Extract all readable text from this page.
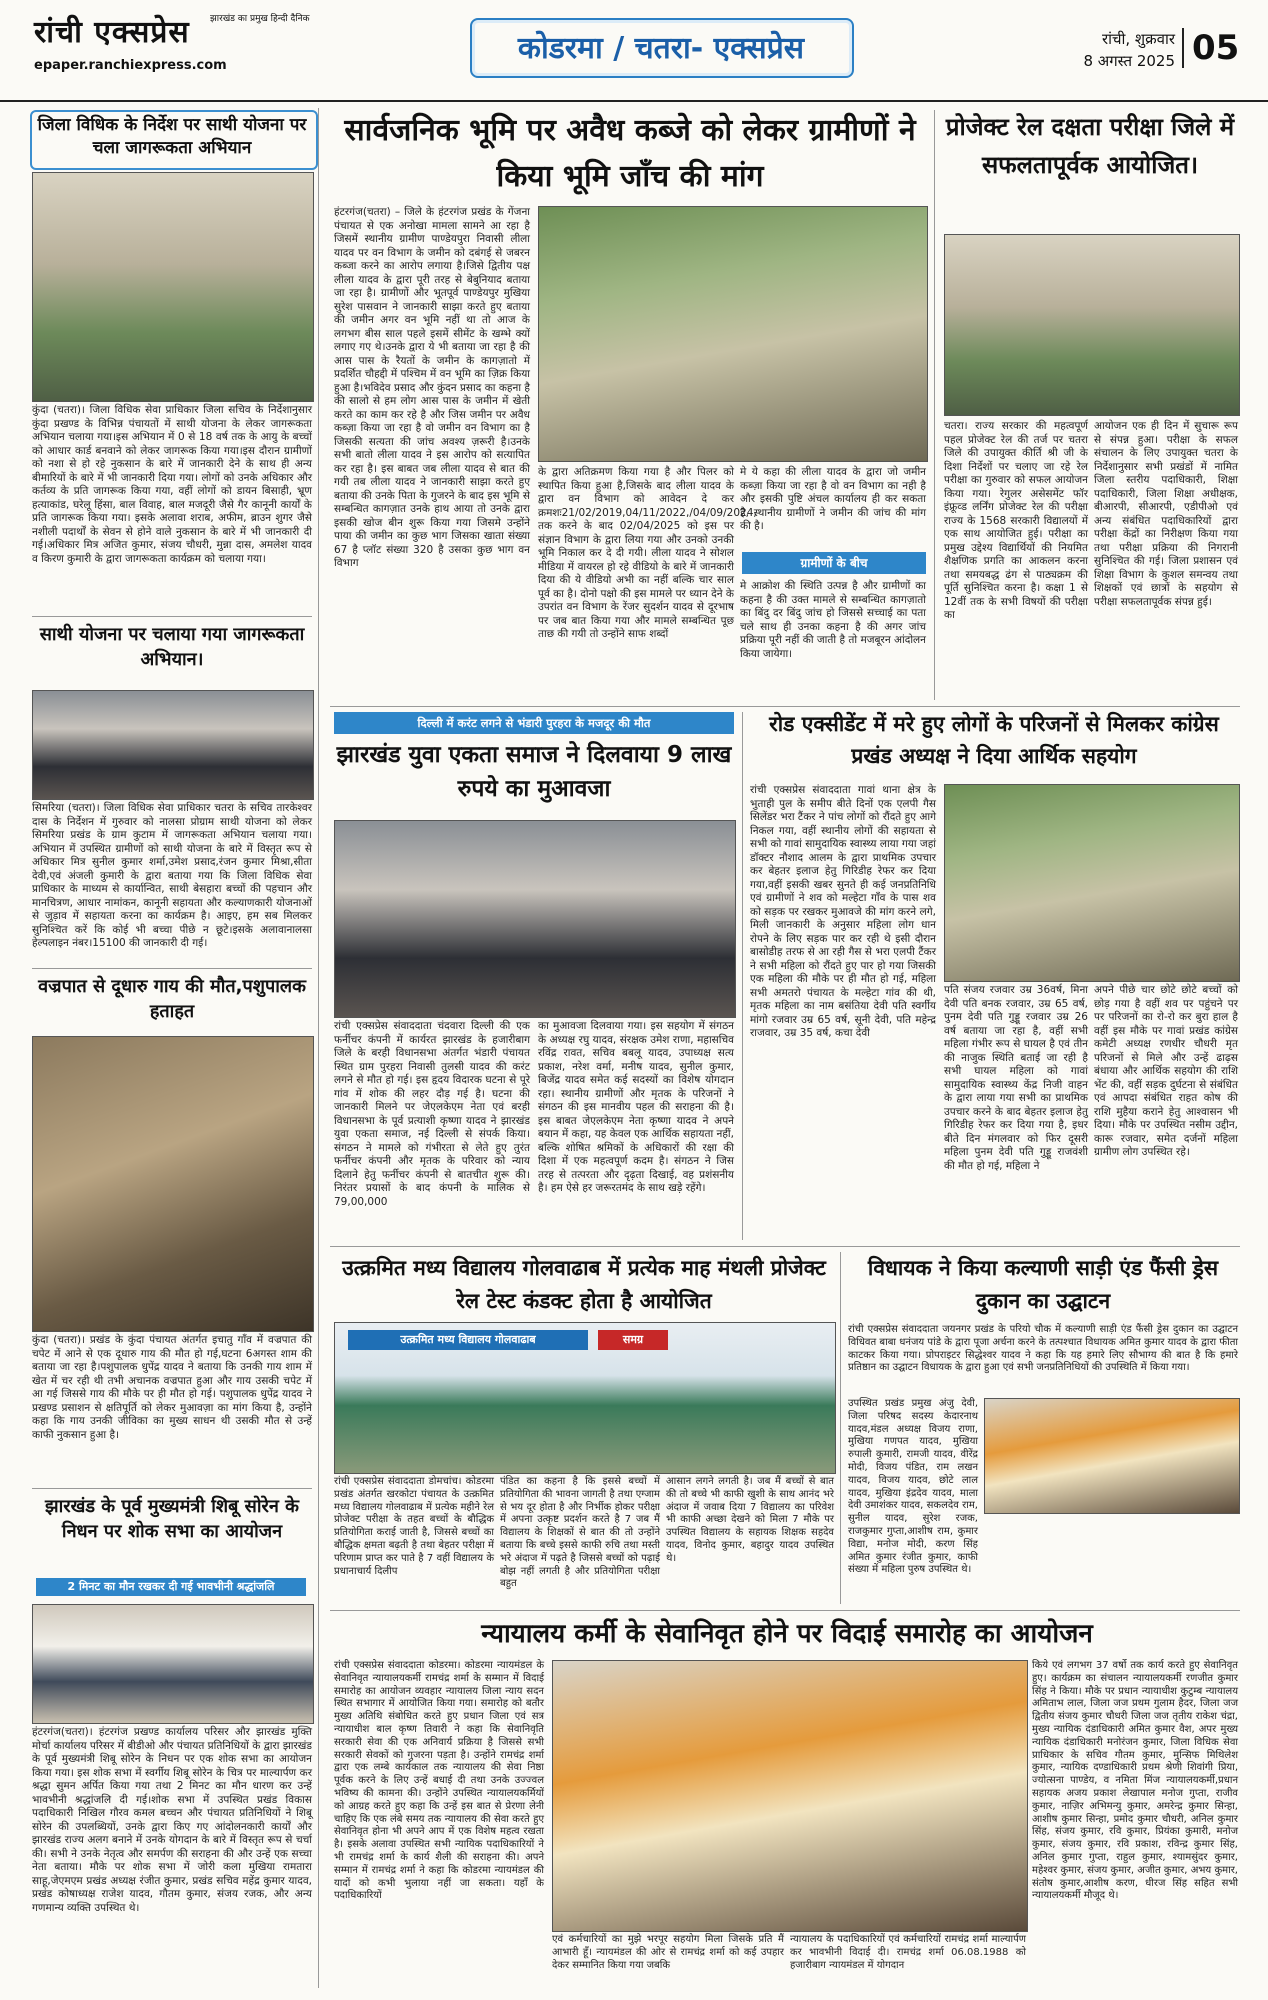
रांची एक्सप्रेस झारखंड का प्रमुख हिन्दी दैनिक
epaper.ranchiexpress.com	कोडरमा / चतरा- एक्सप्रेस	रांची, शुक्रवार
8 अगस्त 2025 05
जिला विधिक के निर्देश पर साथी योजना पर चला जागरूकता अभियान
कुंदा (चतरा)। जिला विधिक सेवा प्राधिकार जिला सचिव के निर्देशानुसार कुंदा प्रखण्ड के विभिन्न पंचायतों में साथी योजना के लेकर जागरूकता अभियान चलाया गया।इस अभियान में 0 से 18 वर्ष तक के आयु के बच्चों को आधार कार्ड बनवाने को लेकर जागरूक किया गया।इस दौरान ग्रामीणों को नशा से हो रहे नुकसान के बारे में जानकारी देने के साथ ही अन्य बीमारियों के बारे में भी जानकारी दिया गया। लोगों को उनके अधिकार और कर्तव्य के प्रति जागरूक किया गया, वहीं लोगों को डायन बिसाही, भ्रूण हत्याकांड, घरेलू हिंसा, बाल विवाह, बाल मजदूरी जैसे गैर कानूनी कार्यों के प्रति जागरूक किया गया। इसके अलावा शराब, अफीम, ब्राउन शुगर जैसे नशीली पदार्थों के सेवन से होने वाले नुकसान के बारे में भी जानकारी दी गई।अधिकार मित्र अजित कुमार, संजय चौधरी, मुन्ना दास, अमलेश यादव व किरण कुमारी के द्वारा जागरूकता कार्यक्रम को चलाया गया।
साथी योजना पर चलाया गया जागरूकता अभियान।
सिमरिया (चतरा)। जिला विधिक सेवा प्राधिकार चतरा के सचिव तारकेश्वर दास के निर्देशन में गुरुवार को नालसा प्रोग्राम साथी योजना को लेकर सिमरिया प्रखंड के ग्राम कुटाम में जागरूकता अभियान चलाया गया। अभियान में उपस्थित ग्रामीणों को साथी योजना के बारे में विस्तृत रूप से अधिकार मित्र सुनील कुमार शर्मा,उमेश प्रसाद,रंजन कुमार मिश्रा,सीता देवी,एवं अंजली कुमारी के द्वारा बताया गया कि जिला विधिक सेवा प्राधिकार के माध्यम से कार्यान्वित, साथी बेसहारा बच्चों की पहचान और मानचित्रण, आधार नामांकन, कानूनी सहायता और कल्याणकारी योजनाओं से जुड़ाव में सहायता करना का कार्यक्रम है। आइए, हम सब मिलकर सुनिश्चित करें कि कोई भी बच्चा पीछे न छूटे।इसके अलावानालसा हेल्पलाइन नंबर।15100 की जानकारी दी गई।
वज्रपात से दूधारु गाय की मौत,पशुपालक हताहत
कुंदा (चतरा)। प्रखंड के कुंदा पंचायत अंतर्गत इचातु गाँव में वज्रपात की चपेट में आने से एक दूधारु गाय की मौत हो गई,घटना 6अगस्त शाम की बताया जा रहा है।पशुपालक धुपेंद्र यादव ने बताया कि उनकी गाय शाम में खेत में चर रही थी तभी अचानक वज्रपात हुआ और गाय उसकी चपेट में आ गई जिससे गाय की मौके पर ही मौत हो गई। पशुपालक धुपेंद्र यादव ने प्रखण्ड प्रसाशन से क्षतिपूर्ति को लेकर मुआवज़ा का मांग किया है, उन्होंने कहा कि गाय उनकी जीविका का मुख्य साधन थी उसकी मौत से उन्हें काफी नुकसान हुआ है।
झारखंड के पूर्व मुख्यमंत्री शिबू सोरेन के निधन पर शोक सभा का आयोजन
2 मिनट का मौन रखकर दी गई भावभीनी श्रद्धांजलि
हंटरगंज(चतरा)। हंटरगंज प्रखण्ड कार्यालय परिसर और झारखंड मुक्ति मोर्चा कार्यालय परिसर में बीडीओ और पंचायत प्रतिनिधियों के द्वारा झारखंड के पूर्व मुख्यमंत्री शिबू सोरेन के निधन पर एक शोक सभा का आयोजन किया गया। इस शोक सभा में स्वर्गीय शिबू सोरेन के चित्र पर माल्यार्पण कर श्रद्धा सुमन अर्पित किया गया तथा 2 मिनट का मौन धारण कर उन्हें भावभीनी श्रद्धांजलि दी गई।शोक सभा में उपस्थित प्रखंड विकास पदाधिकारी निखिल गौरव कमल बच्चन और पंचायत प्रतिनिधियों ने शिबू सोरेन की उपलब्धियों, उनके द्वारा किए गए आंदोलनकारी कार्यों और झारखंड राज्य अलग बनाने में उनके योगदान के बारे में विस्तृत रूप से चर्चा की। सभी ने उनके नेतृत्व और समर्पण की सराहना की और उन्हें एक सच्चा नेता बताया। मौके पर शोक सभा में जोरी कला मुखिया रामतारा साहू,जेएमएम प्रखंड अध्यक्ष रंजीत कुमार, प्रखंड सचिव महेंद्र कुमार यादव, प्रखंड कोषाध्यक्ष राजेश यादव, गौतम कुमार, संजय रजक, और अन्य गणमान्य व्यक्ति उपस्थित थे।
सार्वजनिक भूमि पर अवैध कब्जे को लेकर ग्रामीणों ने किया भूमि जाँच की मांग
हंटरगंज(चतरा) – जिले के हंटरगंज प्रखंड के गेंजना पंचायत से एक अनोखा मामला सामने आ रहा है जिसमें स्थानीय ग्रामीण पाण्डेयपुरा निवासी लीला यादव पर वन विभाग के जमीन को दबंगई से जबरन कब्जा करने का आरोप लगाया है।जिसे द्वितीय पक्ष लीला यादव के द्वारा पूरी तरह से बेबुनियाद बताया जा रहा है। ग्रामीणों और भूतपूर्व पाण्डेयपुर मुखिया सुरेश पासवान ने जानकारी साझा करते हुए बताया की जमीन अगर वन भूमि नहीं था तो आज के लगभग बीस साल पहले इसमें सीमेंट के खम्भे क्यों लगाए गए थे।उनके द्वारा ये भी बताया जा रहा है की आस पास के रैयतों के जमीन के कागज़ातो में प्रदर्शित चौहद्दी में पश्चिम में वन भूमि का ज़िक्र किया हुआ है।भविदेव प्रसाद और कुंदन प्रसाद का कहना है की सालो से हम लोग आस पास के जमीन में खेती करते का काम कर रहे है और जिस जमीन पर अवैध कब्ज़ा किया जा रहा है वो जमीन वन विभाग का है जिसकी सत्यता की जांच अवश्य ज़रूरी है।उनके सभी बातो लीला यादव ने इस आरोप को सत्यापित कर रहा है। इस बाबत जब लीला यादव से बात की गयी तब लीला यादव ने जानकारी साझा करते हुए बताया की उनके पिता के गुजरने के बाद इस भूमि से सम्बन्धित कागज़ात उनके हाथ आया तो उनके द्वारा इसकी खोज बीन शुरू किया गया जिसमे उन्होंने पाया की जमीन का कुछ भाग जिसका खाता संख्या 67 है प्लॉट संख्या 320 है उसका कुछ भाग वन विभाग
के द्वारा अतिक्रमण किया गया है और पिलर को स्थापित किया हुआ है,जिसके बाद लीला यादव के द्वारा वन विभाग को आवेदन दे कर क्रमशः21/02/2019,04/11/2022,/04/09/2024, तक करने के बाद 02/04/2025 को इस पर संज्ञान विभाग के द्वारा लिया गया और उनको उनकी भूमि निकाल कर दे दी गयी। लीला यादव ने सोशल मीडिया में वायरल हो रहे वीडियो के बारे में जानकारी दिया की ये वीडियो अभी का नहीं बल्कि चार साल पूर्व का है। दोनो पक्षो की इस मामले पर ध्यान देने के उपरांत वन विभाग के रेंजर सुदर्शन यादव से दूरभाष पर जब बात किया गया और मामले सम्बन्धित पूछ ताछ की गयी तो उन्होंने साफ शब्दों
मे ये कहा की लीला यादव के द्वारा जो जमीन कब्ज़ा किया जा रहा है वो वन विभाग का नही है और इसकी पुष्टि अंचल कार्यालय ही कर सकता है, स्थानीय ग्रामीणों ने जमीन की जांच की मांग की है।
ग्रामीणों के बीच
मे आक्रोश की स्थिति उत्पन्न है और ग्रामीणों का कहना है की उक्त मामले से सम्बन्धित कागज़ातो का बिंदु दर बिंदु जांच हो जिससे सच्चाई का पता चले साथ ही उनका कहना है की अगर जांच प्रक्रिया पूरी नहीं की जाती है तो मजबूरन आंदोलन किया जायेगा।
प्रोजेक्ट रेल दक्षता परीक्षा जिले में सफलतापूर्वक आयोजित।
चतरा। राज्य सरकार की महत्वपूर्ण पहल प्रोजेक्ट रेल की तर्ज पर चतरा जिले की उपायुक्त कीर्ति श्री जी के दिशा निर्देशों पर चलाए जा रहे रेल परीक्षा का गुरुवार को सफल आयोजन किया गया। रेगुलर असेसमेंट फॉर इंफ्रूव्ड लर्निंग प्रोजेक्ट रेल की परीक्षा राज्य के 1568 सरकारी विद्यालयों में एक साथ आयोजित हुई। परीक्षा का प्रमुख उद्देश्य विद्यार्थियों की नियमित शैक्षणिक प्रगति का आकलन करना तथा समयबद्ध ढंग से पाठ्यक्रम की पूर्ति सुनिश्चित करना है। कक्षा 1 से 12वीं तक के सभी विषयों की परीक्षा का
आयोजन एक ही दिन में सुचारू रूप से संपन्न हुआ। परीक्षा के सफल संचालन के लिए उपायुक्त चतरा के निर्देशानुसार सभी प्रखंडों में नामित जिला स्तरीय पदाधिकारी, शिक्षा पदाधिकारी, जिला शिक्षा अधीक्षक, बीआरपी, सीआरपी, एडीपीओ एवं अन्य संबंधित पदाधिकारियों द्वारा परीक्षा केंद्रों का निरीक्षण किया गया तथा परीक्षा प्रक्रिया की निगरानी सुनिश्चित की गई। जिला प्रशासन एवं शिक्षा विभाग के कुशल समन्वय तथा शिक्षकों एवं छात्रों के सहयोग से परीक्षा सफलतापूर्वक संपन्न हुई।
दिल्ली में करंट लगने से भंडारी पुरहरा के मजदूर की मौत
झारखंड युवा एकता समाज ने दिलवाया 9 लाख रुपये का मुआवजा
रांची एक्सप्रेस संवाददाता चंदवारा दिल्ली की एक फर्नीचर कंपनी में कार्यरत झारखंड के हजारीबाग जिले के बरही विधानसभा अंतर्गत भंडारी पंचायत स्थित ग्राम पुरहरा निवासी तुलसी यादव की करंट लगने से मौत हो गई। इस हृदय विदारक घटना से पूरे गांव में शोक की लहर दौड़ गई है। घटना की जानकारी मिलने पर जेएलकेएम नेता एवं बरही विधानसभा के पूर्व प्रत्याशी कृष्णा यादव ने झारखंड युवा एकता समाज, नई दिल्ली से संपर्क किया। संगठन ने मामले को गंभीरता से लेते हुए तुरंत फर्नीचर कंपनी और मृतक के परिवार को न्याय दिलाने हेतु फर्नीचर कंपनी से बातचीत शुरू की। निरंतर प्रयासों के बाद कंपनी के मालिक से 79,00,000
का मुआवजा दिलवाया गया। इस सहयोग में संगठन के अध्यक्ष रघु यादव, संरक्षक उमेश राणा, महासचिव रविंद्र रावत, सचिव बबलू यादव, उपाध्यक्ष सत्य प्रकाश, नरेश वर्मा, मनीष यादव, सुनील कुमार, बिजेंद्र यादव समेत कई सदस्यों का विशेष योगदान रहा। स्थानीय ग्रामीणों और मृतक के परिजनों ने संगठन की इस मानवीय पहल की सराहना की है। इस बाबत जेएलकेएम नेता कृष्णा यादव ने अपने बयान में कहा, यह केवल एक आर्थिक सहायता नहीं, बल्कि शोषित श्रमिकों के अधिकारों की रक्षा की दिशा में एक महत्वपूर्ण कदम है। संगठन ने जिस तरह से तत्परता और दृढ़ता दिखाई, वह प्रशंसनीय है। हम ऐसे हर जरूरतमंद के साथ खड़े रहेंगे।
रोड एक्सीडेंट में मरे हुए लोगों के परिजनों से मिलकर कांग्रेस प्रखंड अध्यक्ष ने दिया आर्थिक सहयोग
रांची एक्सप्रेस संवाददाता गावां थाना क्षेत्र के भुताही पुल के समीप बीते दिनों एक एलपी गैस सिलेंडर भरा टैंकर ने पांच लोगों को रौंदते हुए आगे निकल गया, वहीं स्थानीय लोगों की सहायता से सभी को गावां सामुदायिक स्वास्थ्य लाया गया जहां डॉक्टर नौशाद आलम के द्वारा प्राथमिक उपचार कर बेहतर इलाज हेतु गिरिडीह रेफर कर दिया गया,वहीं इसकी खबर सुनते ही कई जनप्रतिनिधि एवं ग्रामीणों ने शव को मल्हेटा गाँव के पास शव को सड़क पर रखकर मुआवजे की मांग करने लगे, मिली जानकारी के अनुसार महिला लोग धान रोपने के लिए सड़क पार कर रही थे इसी दौरान बासोडीह तरफ से आ रही गैस से भरा एलपी टैंकर ने सभी महिला को रौंदते हुए पार हो गया जिसकी एक महिला की मौके पर ही मौत हो गई, महिला सभी अमतरो पंचायत के मल्हेटा गांव की थी, मृतक महिला का नाम बसंतिया देवी पति स्वर्गीय मांगो रजवार उम्र 65 वर्ष, सूनी देवी, पति महेन्द्र राजवार, उम्र 35 वर्ष, कचा देवी
पति संजय रजवार उम्र 36वर्ष, मिना देवी पति बनक रजवार, उम्र 65 वर्ष, पुनम देवी पति गुड्डू रजवार उम्र 26 वर्ष बताया जा रहा है, वहीं सभी महिला गंभीर रूप से घायल है एवं तीन की नाजुक स्थिति बताई जा रही है सभी घायल महिला को गावां सामुदायिक स्वास्थ्य केंद्र निजी वाहन के द्वारा लाया गया सभी का प्राथमिक उपचार करने के बाद बेहतर इलाज हेतु गिरिडीह रेफर कर दिया गया है, इधर बीते दिन मंगलवार को फिर दूसरी महिला पुनम देवी पति गुड्डू राजवंशी की मौत हो गई, महिला ने
अपने पीछे चार छोटे छोटे बच्चों को छोड़ गया है वहीं शव पर पहुंचने पर पर परिजनों का रो-रो कर बुरा हाल है वहीं इस मौके पर गावां प्रखंड कांग्रेस कमेटी अध्यक्ष रणधीर चौधरी मृत परिजनों से मिले और उन्हें ढाढ़स बंधाया और आर्थिक सहयोग की राशि भेंट की, वहीं सड़क दुर्घटना से संबंधित एवं आपदा संबंधित राहत कोष की राशि मुहैया कराने हेतु आश्वासन भी दिया। मौके पर उपस्थित नसीम उद्दीन, कारू रजवार, समेत दर्जनों महिला ग्रामीण लोग उपस्थित रहे।
उत्क्रमित मध्य विद्यालय गोलवाढाब में प्रत्येक माह मंथली प्रोजेक्ट रेल टेस्ट कंडक्ट होता है आयोजित
उत्क्रमित मध्य विद्यालय गोलवाढाब	समग्र
रांची एक्सप्रेस संवाददाता डोमचांच। कोडरमा प्रखंड अंतर्गत खरकोटा पंचायत के उत्क्रमित मध्य विद्यालय गोलवाढाब में प्रत्येक महीने रेल प्रोजेक्ट परीक्षा के तहत बच्चों के बौद्धिक प्रतियोगिता कराई जाती है, जिससे बच्चों का बौद्धिक क्षमता बढ़ती है तथा बेहतर परीक्षा में परिणाम प्राप्त कर पाते है 7 वहीं विद्यालय के प्रधानाचार्य दिलीप
पंडित का कहना है कि इससे बच्चों में प्रतियोगिता की भावना जागती है तथा एग्जाम से भय दूर होता है और निर्भीक होकर परीक्षा में अपना उत्कृष्ट प्रदर्शन करते है 7 जब मैं विद्यालय के शिक्षकों से बात की तो उन्होंने बताया कि बच्चे इससे काफी रुचि तथा मस्ती भरे अंदाज में पढ़ते है जिससे बच्चों को पढ़ाई बोझ नहीं लगती है और प्रतियोगिता परीक्षा बहुत
आसान लगने लगती है। जब मैं बच्चों से बात की तो बच्चे भी काफी खुशी के साथ आनंद भरे अंदाज में जवाब दिया 7 विद्यालय का परिवेश भी काफी अच्छा देखने को मिला 7 मौके पर उपस्थित विद्यालय के सहायक शिक्षक सहदेव यादव, विनोद कुमार, बहादुर यादव उपस्थित थे।
विधायक ने किया कल्याणी साड़ी एंड फैंसी ड्रेस दुकान का उद्घाटन
रांची एक्सप्रेस संवाददाता जयनगर प्रखंड के परियो चौक में कल्याणी साड़ी एंड फैंसी ड्रेस दुकान का उद्घाटन विधिवत बाबा धनंजय पांडे के द्वारा पूजा अर्चना करने के तत्पश्चात विधायक अमित कुमार यादव के द्वारा फीता काटकर किया गया। प्रोपराइटर सिद्धेश्वर यादव ने कहा कि यह हमारे लिए सौभाग्य की बात है कि हमारे प्रतिष्ठान का उद्घाटन विधायक के द्वारा हुआ एवं सभी जनप्रतिनिधियों की उपस्थिति में किया गया।
उपस्थित प्रखंड प्रमुख अंजु देवी, जिला परिषद सदस्य केदारनाथ यादव,मंडल अध्यक्ष विजय राणा, मुखिया गणपत यादव, मुखिया रुपाली कुमारी, रामजी यादव, वीरेंद्र मोदी, विजय पंडित, राम लखन यादव, विजय यादव, छोटे लाल यादव, मुखिया इंद्रदेव यादव, माला देवी उमाशंकर यादव, सकलदेव राम, सुनील यादव, सुरेश रजक, राजकुमार गुप्ता,आशीष राम, कुमार विद्या, मनोज मोदी, करण सिंह अमित कुमार रंजीत कुमार, काफी संख्या में महिला पुरुष उपस्थित थे।
न्यायालय कर्मी के सेवानिवृत होने पर विदाई समारोह का आयोजन
रांची एक्सप्रेस संवाददाता कोडरमा। कोडरमा न्यायमंडल के सेवानिवृत न्यायालयकर्मी रामचंद्र शर्मा के सम्मान में विदाई समारोह का आयोजन व्यवहार न्यायालय जिला न्याय सदन स्थित सभागार में आयोजित किया गया। समारोह को बतौर मुख्य अतिथि संबोधित करते हुए प्रधान जिला एवं सत्र न्यायाधीश बाल कृष्ण तिवारी ने कहा कि सेवानिवृति सरकारी सेवा की एक अनिवार्य प्रक्रिया है जिससे सभी सरकारी सेवकों को गुजरना पड़ता है। उन्होंने रामचंद्र शर्मा द्वारा एक लम्बे कार्यकाल तक न्यायालय की सेवा निष्ठा पूर्वक करने के लिए उन्हें बधाई दी तथा उनके उज्ज्वल भविष्य की कामना की। उन्होंने उपस्थित न्यायालयकर्मियों को आग्रह करते हुए कहा कि उन्हें इस बात से प्रेरणा लेनी चाहिए कि एक लंबे समय तक न्यायालय की सेवा करते हुए सेवानिवृत होना भी अपने आप में एक विशेष महत्व रखता है। इसके अलावा उपस्थित सभी न्यायिक पदाधिकारियों ने भी रामचंद्र शर्मा के कार्य शैली की सराहना की। अपने सम्मान में रामचंद्र शर्मा ने कहा कि कोडरमा न्यायमंडल की यादों को कभी भुलाया नहीं जा सकता। यहाँ के पदाधिकारियों
एवं कर्मचारियों का मुझे भरपूर सहयोग मिला जिसके प्रति मैं आभारी हूँ। न्यायमंडल की ओर से रामचंद्र शर्मा को कई उपहार देकर सम्मानित किया गया जबकि
न्यायालय के पदाधिकारियों एवं कर्मचारियों रामचंद्र शर्मा माल्यार्पण कर भावभीनी विदाई दी। रामचंद्र शर्मा 06.08.1988 को हजारीबाग न्यायमंडल में योगदान
किये एवं लगभग 37 वर्षो तक कार्य करते हुए सेवानिवृत हुए। कार्यक्रम का संचालन न्यायालयकर्मी रणजीत कुमार सिंह ने किया। मौके पर प्रधान न्यायाधीश कुटुम्ब न्यायालय अमिताभ लाल, जिला जज प्रथम गुलाम हैदर, जिला जज द्वितीय संजय कुमार चौधरी जिला जज तृतीय राकेश चंद्रा, मुख्य न्यायिक दंडाधिकारी अमित कुमार वैश, अपर मुख्य न्यायिक दंडाधिकारी मनोरंजन कुमार, जिला विधिक सेवा प्राधिकार के सचिव गौतम कुमार, मुन्सिफ मिथिलेश कुमार, न्यायिक दण्डाधिकारी प्रथम श्रेणी शिवांगी प्रिया, ज्योत्सना पाण्डेय, व नमिता मिंज न्यायालयकर्मी,प्रधान सहायक अजय प्रकाश लेखापाल मनोज गुप्ता, राजीव कुमार, नाज़िर अभिमन्यु कुमार, अमरेन्द्र कुमार सिन्हा, आशीष कुमार सिन्हा, प्रमोद कुमार चौधरी, अनिल कुमार सिंह, संजय कुमार, रवि कुमार, प्रियंका कुमारी, मनोज कुमार, संजय कुमार, रवि प्रकाश, रविन्द्र कुमार सिंह, अनिल कुमार गुप्ता, राहुल कुमार, श्यामसुंदर कुमार, महेश्वर कुमार, संजय कुमार, अजीत कुमार, अभय कुमार, संतोष कुमार,आशीष करण, धीरज सिंह सहित सभी न्यायालयकर्मी मौजूद थे।
